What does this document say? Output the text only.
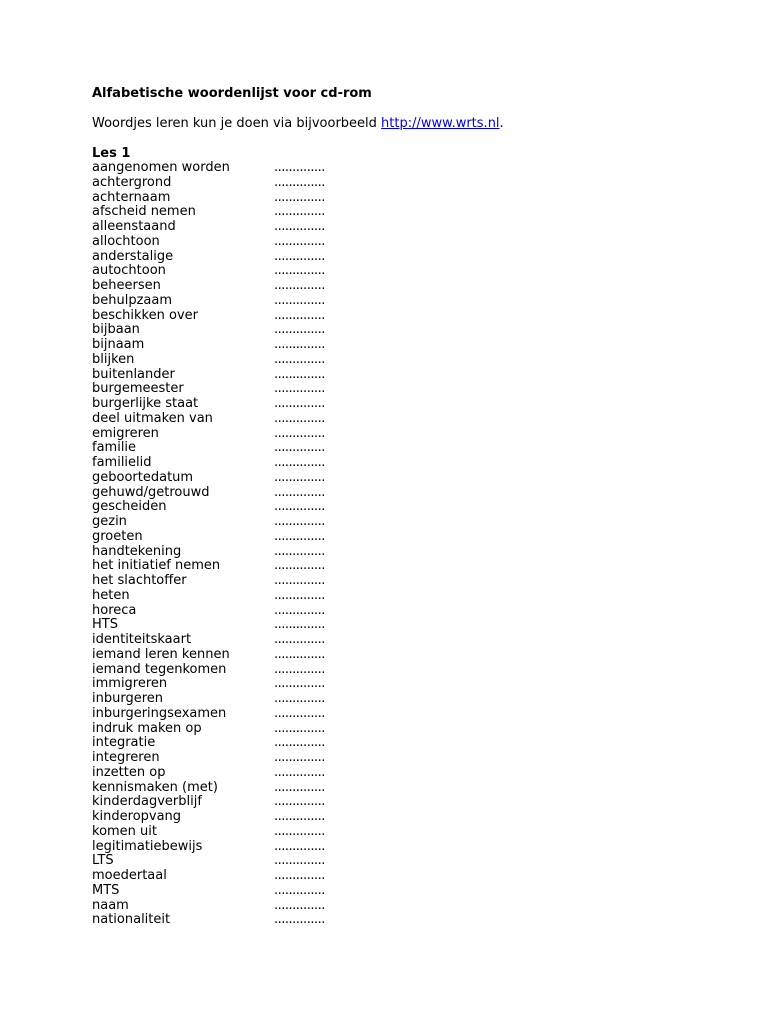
Alfabetische woordenlijst voor cd-rom
Woordjes leren kun je doen via bijvoorbeeld http://www.wrts.nl.
Les 1
aangenomen worden	..............
achtergrond	..............
achternaam	..............
afscheid nemen	..............
alleenstaand	..............
allochtoon	..............
anderstalige	..............
autochtoon	..............
beheersen	..............
behulpzaam	..............
beschikken over	..............
bijbaan	..............
bijnaam	..............
blijken	..............
buitenlander	..............
burgemeester	..............
burgerlijke staat	..............
deel uitmaken van	..............
emigreren	..............
familie	..............
familielid	..............
geboortedatum	..............
gehuwd/getrouwd	..............
gescheiden	..............
gezin	..............
groeten	..............
handtekening	..............
het initiatief nemen	..............
het slachtoffer	..............
heten	..............
horeca	..............
HTS	..............
identiteitskaart	..............
iemand leren kennen	..............
iemand tegenkomen	..............
immigreren	..............
inburgeren	..............
inburgeringsexamen	..............
indruk maken op	..............
integratie	..............
integreren	..............
inzetten op	..............
kennismaken (met)	..............
kinderdagverblijf	..............
kinderopvang	..............
komen uit	..............
legitimatiebewijs	..............
LTS	..............
moedertaal	..............
MTS	..............
naam	..............
nationaliteit	..............
